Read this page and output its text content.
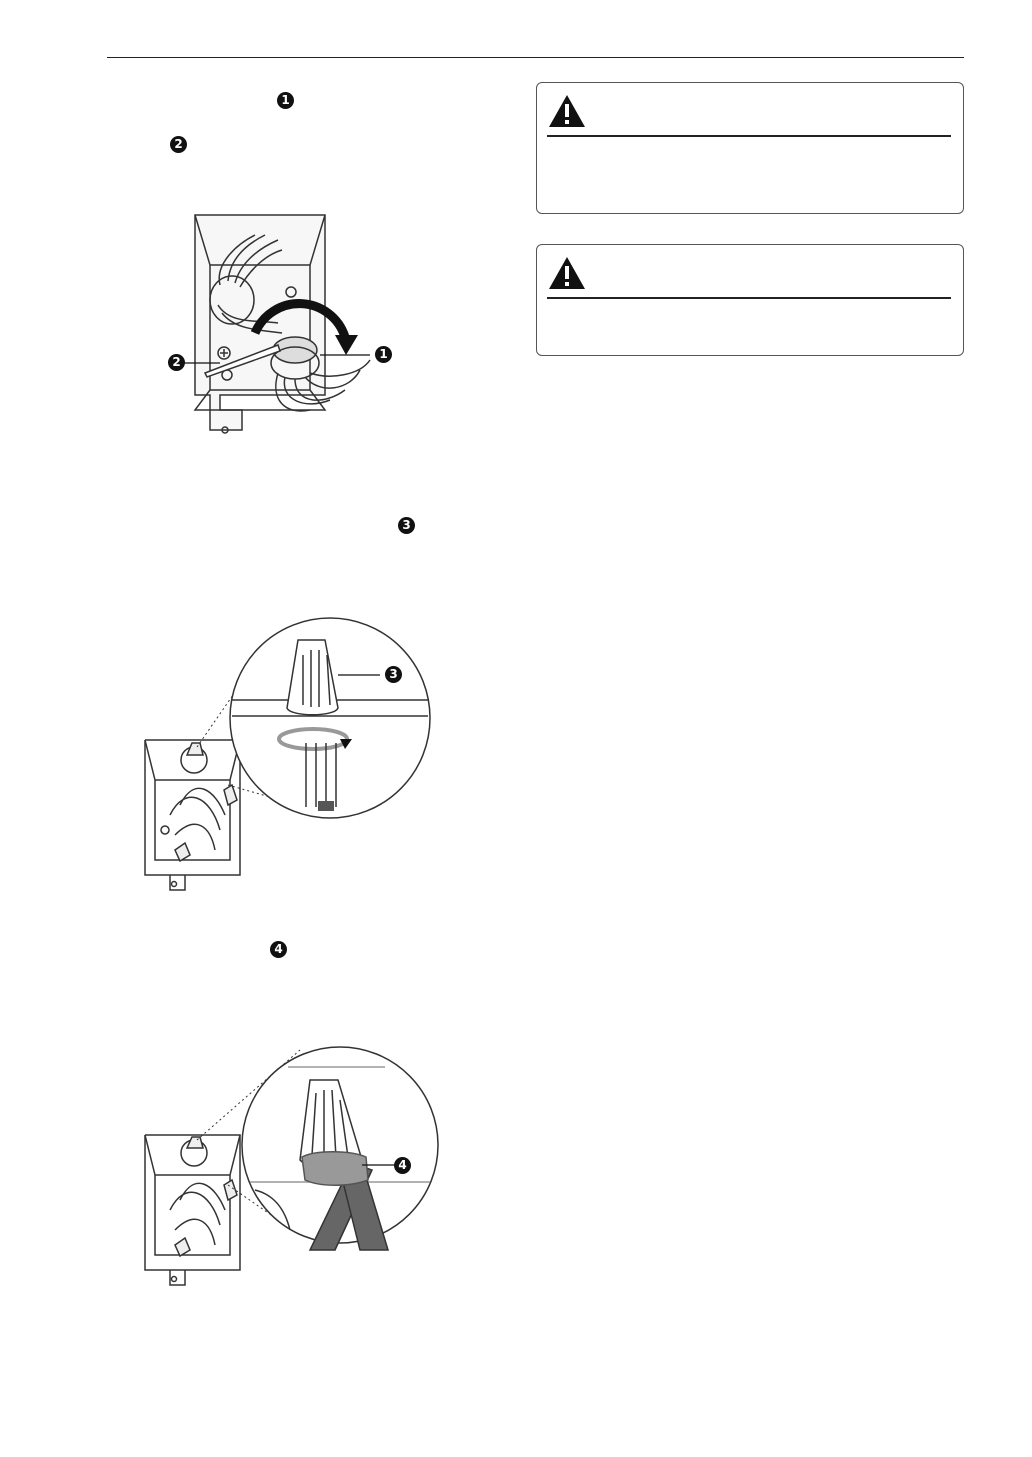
1
2
3
4
2
1
3
4
